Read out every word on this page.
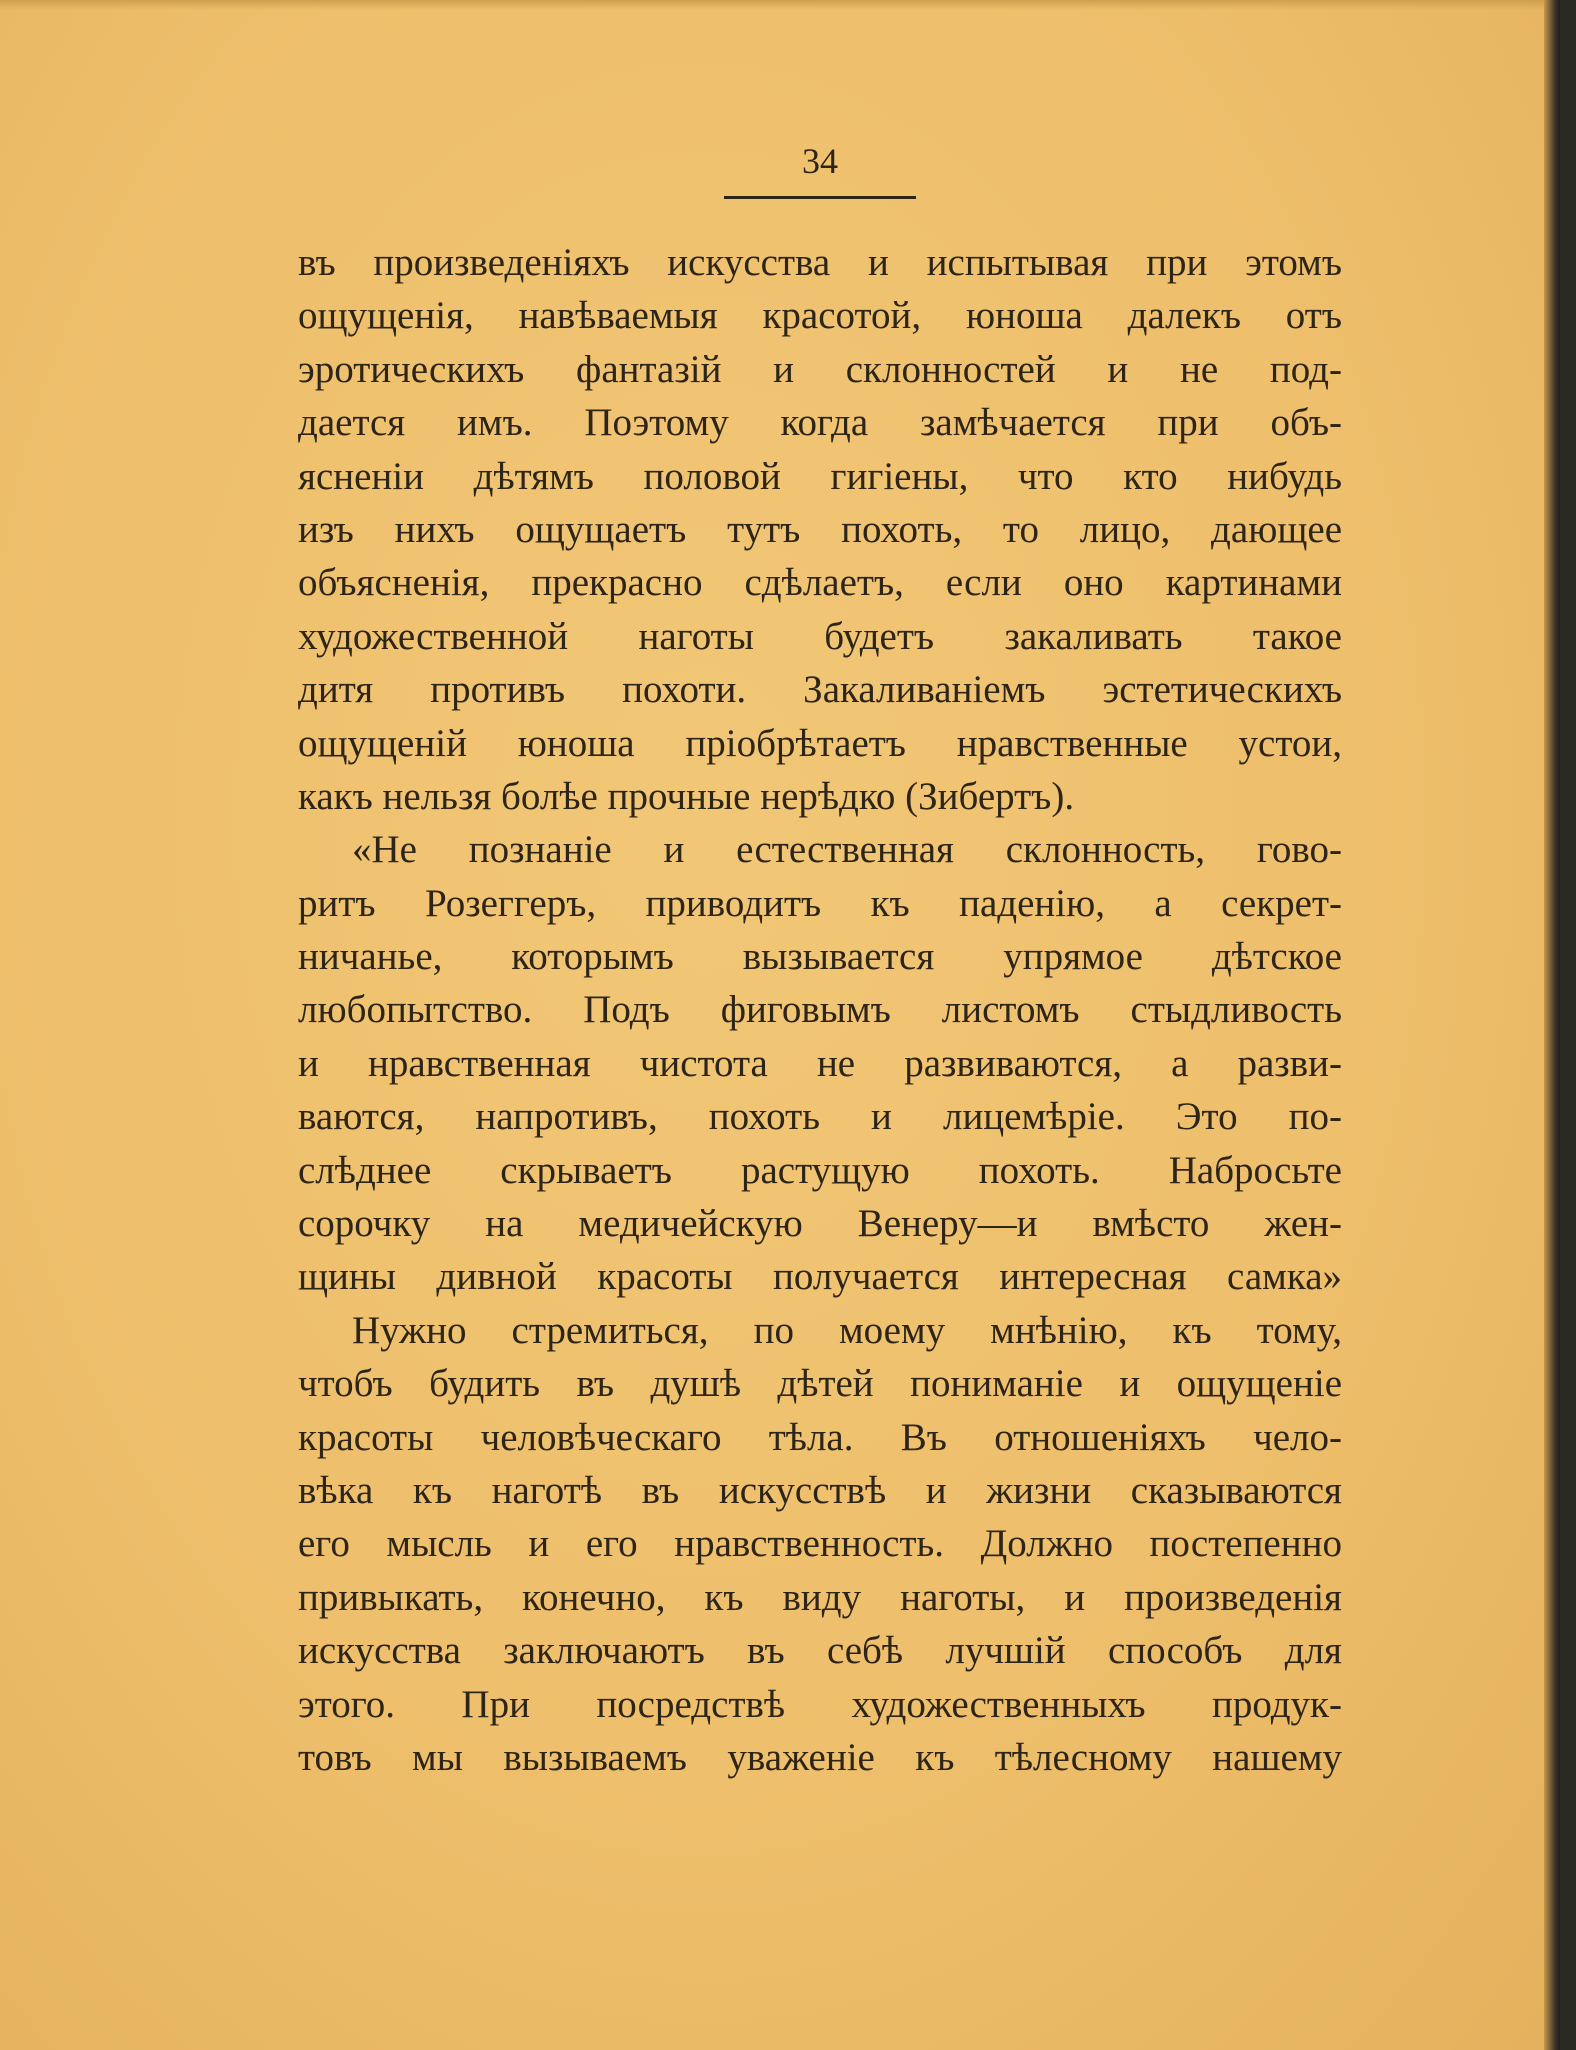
34
въ произведеніяхъ искусства и испытывая при этомъ
ощущенія, навѣваемыя красотой, юноша далекъ отъ
эротическихъ фантазій и склонностей и не под-
дается имъ. Поэтому когда замѣчается при объ-
ясненіи дѣтямъ половой гигіены, что кто нибудь
изъ нихъ ощущаетъ тутъ похоть, то лицо, дающее
объясненія, прекрасно сдѣлаетъ, если оно картинами
художественной наготы будетъ закаливать такое
дитя противъ похоти. Закаливаніемъ эстетическихъ
ощущеній юноша пріобрѣтаетъ нравственные устои,
какъ нельзя болѣе прочные нерѣдко (Зибертъ).
«Не познаніе и естественная склонность, гово-
ритъ Розеггеръ, приводитъ къ паденію, а секрет-
ничанье, которымъ вызывается упрямое дѣтское
любопытство. Подъ фиговымъ листомъ стыдливость
и нравственная чистота не развиваются, а разви-
ваются, напротивъ, похоть и лицемѣріе. Это по-
слѣднее скрываетъ растущую похоть. Набросьте
сорочку на медичейскую Венеру—и вмѣсто жен-
щины дивной красоты получается интересная самка»
Нужно стремиться, по моему мнѣнію, къ тому,
чтобъ будить въ душѣ дѣтей пониманіе и ощущеніе
красоты человѣческаго тѣла. Въ отношеніяхъ чело-
вѣка къ наготѣ въ искусствѣ и жизни сказываются
его мысль и его нравственность. Должно постепенно
привыкать, конечно, къ виду наготы, и произведенія
искусства заключаютъ въ себѣ лучшій способъ для
этого. При посредствѣ художественныхъ продук-
товъ мы вызываемъ уваженіе къ тѣлесному нашему
